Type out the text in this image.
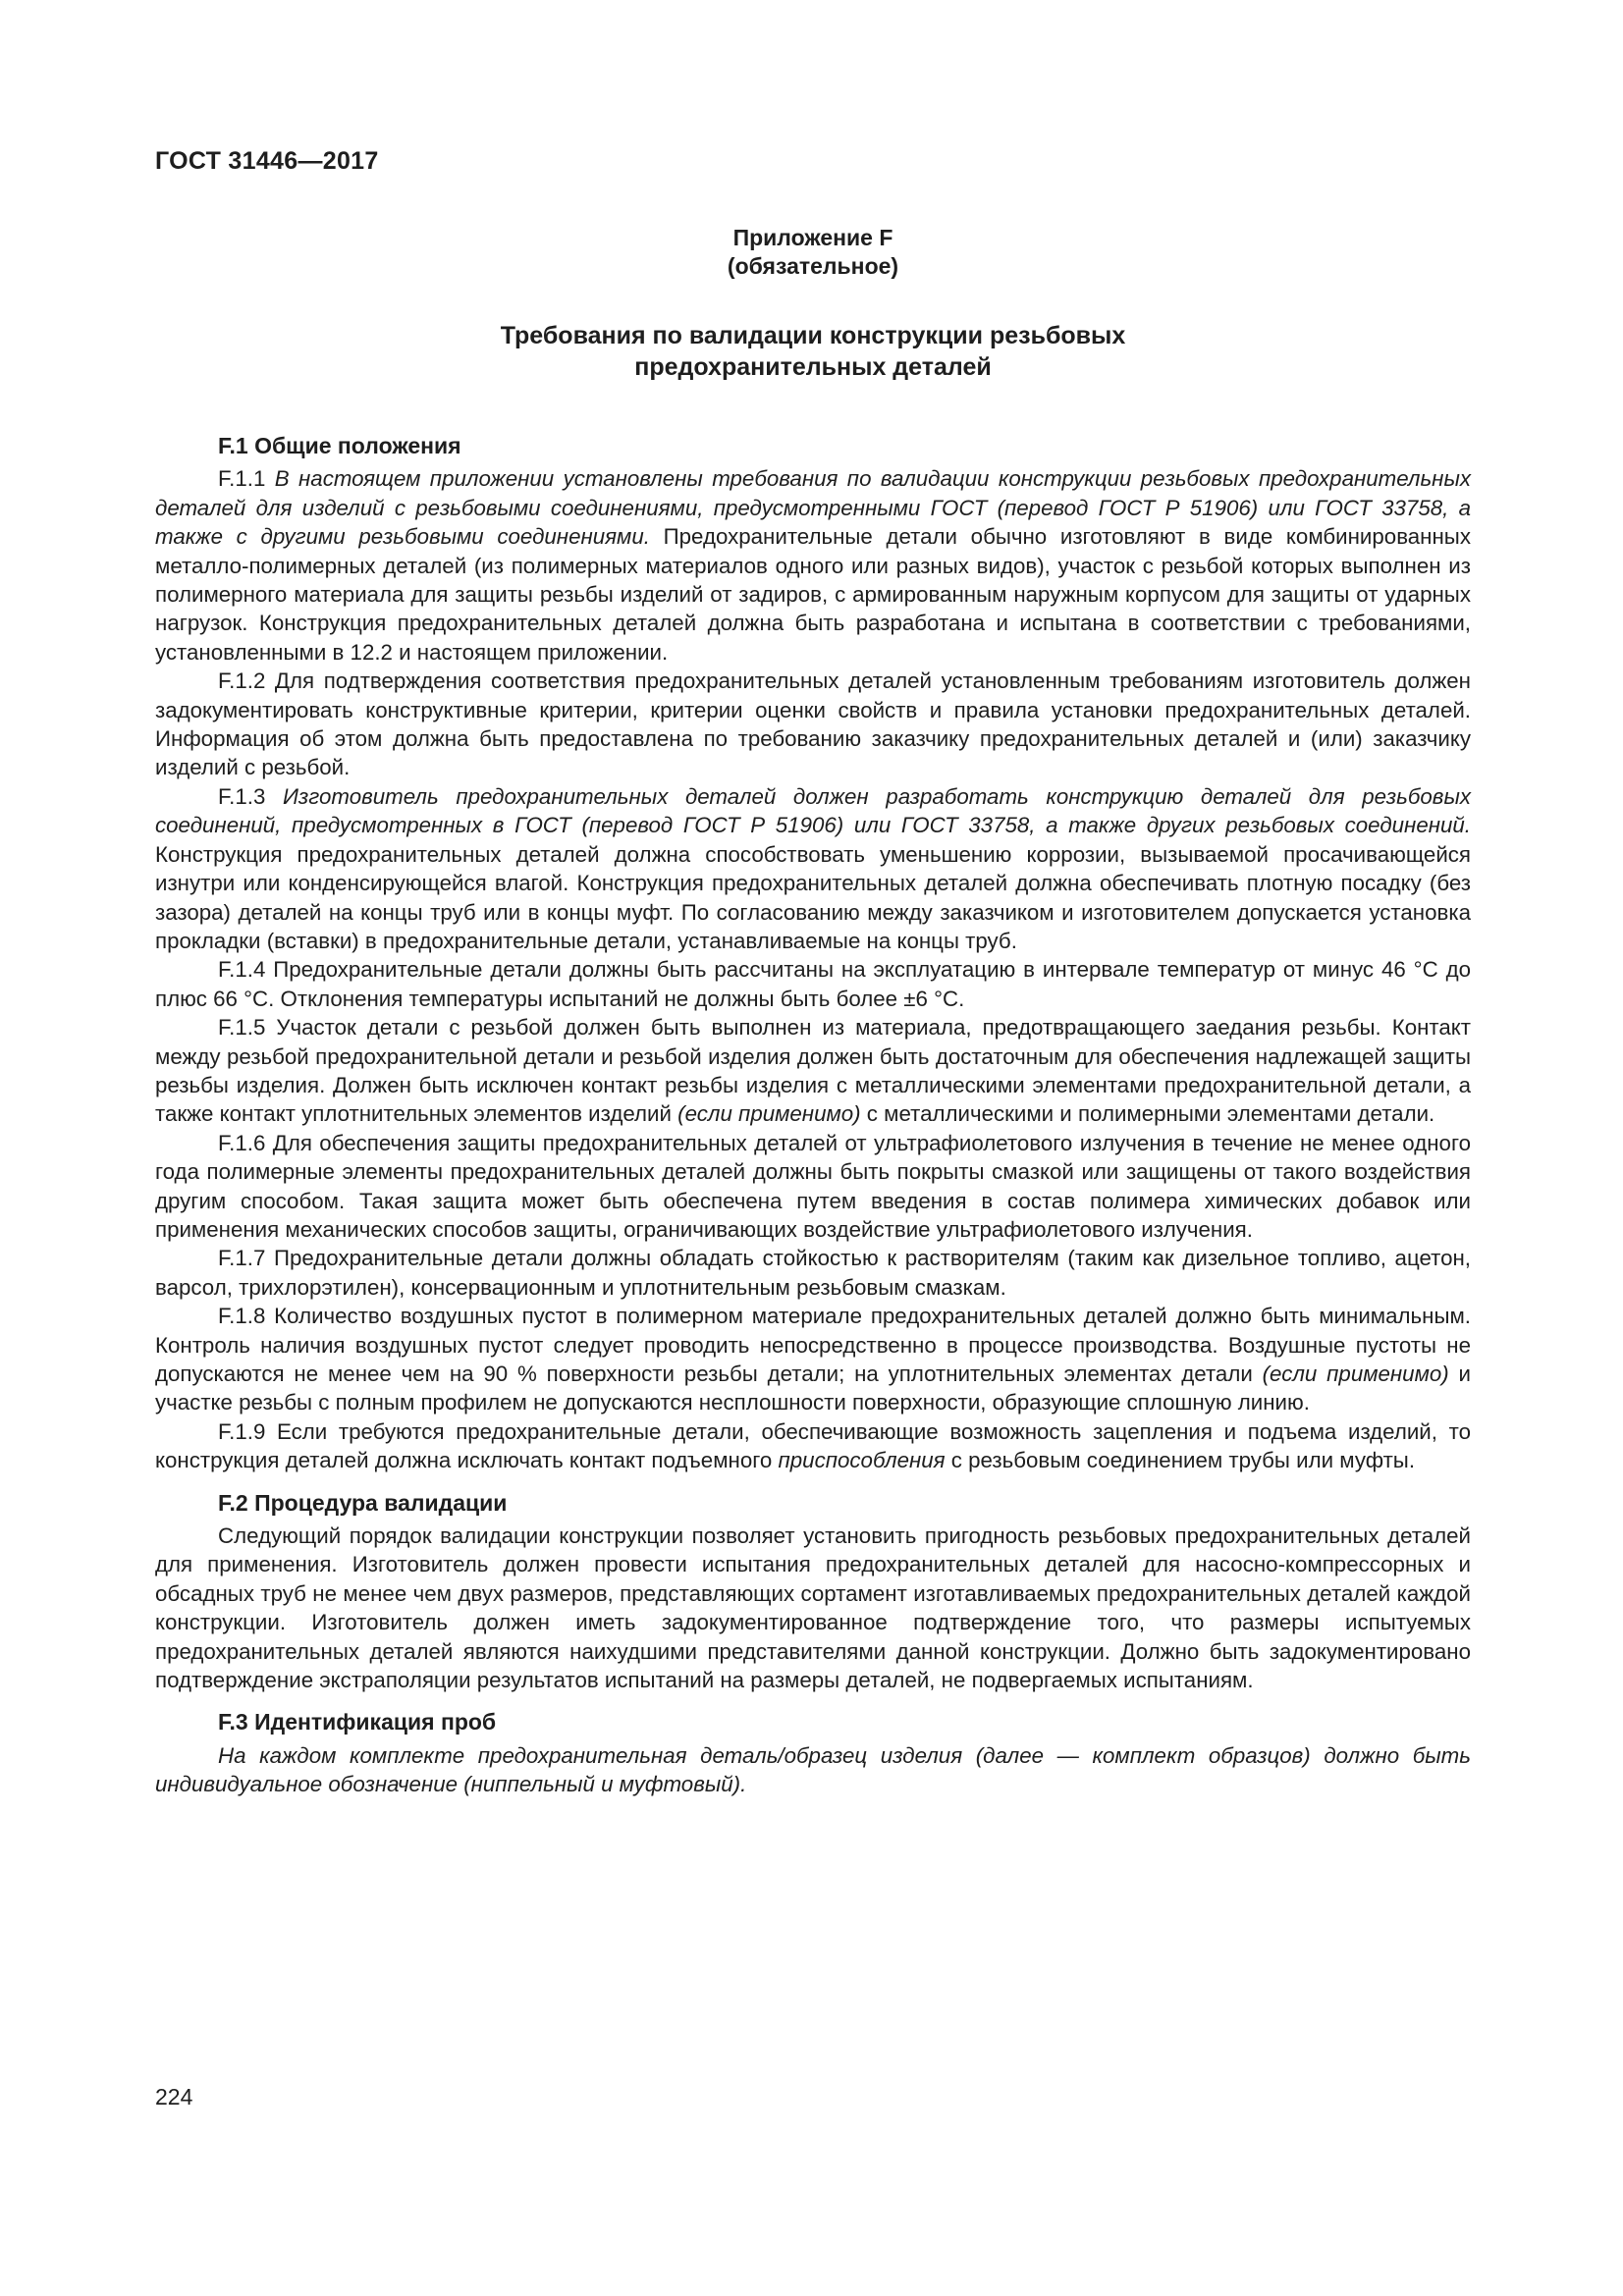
ГОСТ 31446—2017
Приложение F
(обязательное)
Требования по валидации конструкции резьбовых
предохранительных деталей
F.1 Общие положения

F.1.1 В настоящем приложении установлены требования по валидации конструкции резьбовых предохранительных деталей для изделий с резьбовыми соединениями, предусмотренными ГОСТ (перевод ГОСТ Р 51906) или ГОСТ 33758, а также с другими резьбовыми соединениями. Предохранительные детали обычно изготовляют в виде комбинированных металло-полимерных деталей (из полимерных материалов одного или разных видов), участок с резьбой которых выполнен из полимерного материала для защиты резьбы изделий от задиров, с армированным наружным корпусом для защиты от ударных нагрузок. Конструкция предохранительных деталей должна быть разработана и испытана в соответствии с требованиями, установленными в 12.2 и настоящем приложении.

F.1.2 Для подтверждения соответствия предохранительных деталей установленным требованиям изготовитель должен задокументировать конструктивные критерии, критерии оценки свойств и правила установки предохранительных деталей. Информация об этом должна быть предоставлена по требованию заказчику предохранительных деталей и (или) заказчику изделий с резьбой.

F.1.3 Изготовитель предохранительных деталей должен разработать конструкцию деталей для резьбовых соединений, предусмотренных в ГОСТ (перевод ГОСТ Р 51906) или ГОСТ 33758, а также других резьбовых соединений. Конструкция предохранительных деталей должна способствовать уменьшению коррозии, вызываемой просачивающейся изнутри или конденсирующейся влагой. Конструкция предохранительных деталей должна обеспечивать плотную посадку (без зазора) деталей на концы труб или в концы муфт. По согласованию между заказчиком и изготовителем допускается установка прокладки (вставки) в предохранительные детали, устанавливаемые на концы труб.

F.1.4 Предохранительные детали должны быть рассчитаны на эксплуатацию в интервале температур от минус 46 °С до плюс 66 °С. Отклонения температуры испытаний не должны быть более ±6 °С.

F.1.5 Участок детали с резьбой должен быть выполнен из материала, предотвращающего заедания резьбы. Контакт между резьбой предохранительной детали и резьбой изделия должен быть достаточным для обеспечения надлежащей защиты резьбы изделия. Должен быть исключен контакт резьбы изделия с металлическими элементами предохранительной детали, а также контакт уплотнительных элементов изделий (если применимо) с металлическими и полимерными элементами детали.

F.1.6 Для обеспечения защиты предохранительных деталей от ультрафиолетового излучения в течение не менее одного года полимерные элементы предохранительных деталей должны быть покрыты смазкой или защищены от такого воздействия другим способом. Такая защита может быть обеспечена путем введения в состав полимера химических добавок или применения механических способов защиты, ограничивающих воздействие ультрафиолетового излучения.

F.1.7 Предохранительные детали должны обладать стойкостью к растворителям (таким как дизельное топливо, ацетон, варсол, трихлорэтилен), консервационным и уплотнительным резьбовым смазкам.

F.1.8 Количество воздушных пустот в полимерном материале предохранительных деталей должно быть минимальным. Контроль наличия воздушных пустот следует проводить непосредственно в процессе производства. Воздушные пустоты не допускаются не менее чем на 90 % поверхности резьбы детали; на уплотнительных элементах детали (если применимо) и участке резьбы с полным профилем не допускаются несплошности поверхности, образующие сплошную линию.

F.1.9 Если требуются предохранительные детали, обеспечивающие возможность зацепления и подъема изделий, то конструкция деталей должна исключать контакт подъемного приспособления с резьбовым соединением трубы или муфты.

F.2 Процедура валидации

Следующий порядок валидации конструкции позволяет установить пригодность резьбовых предохранительных деталей для применения. Изготовитель должен провести испытания предохранительных деталей для насосно-компрессорных и обсадных труб не менее чем двух размеров, представляющих сортамент изготавливаемых предохранительных деталей каждой конструкции. Изготовитель должен иметь задокументированное подтверждение того, что размеры испытуемых предохранительных деталей являются наихудшими представителями данной конструкции. Должно быть задокументировано подтверждение экстраполяции результатов испытаний на размеры деталей, не подвергаемых испытаниям.

F.3 Идентификация проб

На каждом комплекте предохранительная деталь/образец изделия (далее — комплект образцов) должно быть индивидуальное обозначение (ниппельный и муфтовый).

224
